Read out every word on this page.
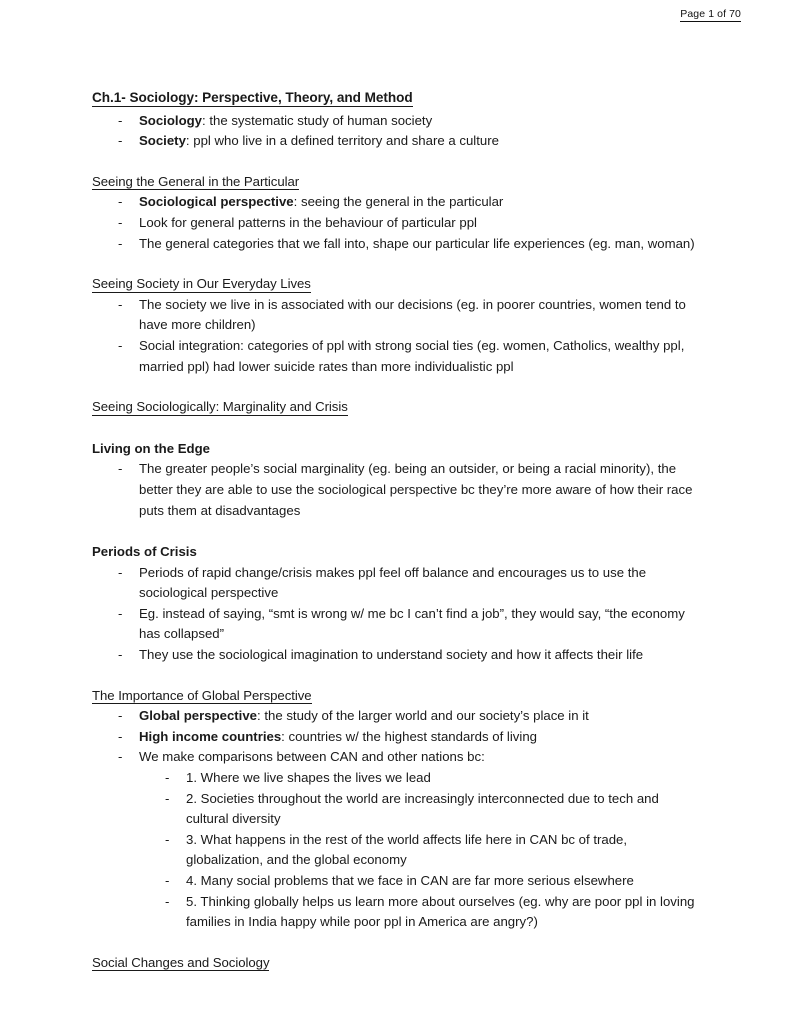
Page 1 of 70

Ch.1- Sociology: Perspective, Theory, and Method

-	Sociology: the systematic study of human society
-	Society: ppl who live in a defined territory and share a culture

Seeing the General in the Particular

-	Sociological perspective: seeing the general in the particular
-	Look for general patterns in the behaviour of particular ppl
-	The general categories that we fall into, shape our particular life experiences (eg. man, woman)

Seeing Society in Our Everyday Lives

-	The society we live in is associated with our decisions (eg. in poorer countries, women tend to have more children)
-	Social integration: categories of ppl with strong social ties (eg. women, Catholics, wealthy ppl, married ppl) had lower suicide rates than more individualistic ppl

Seeing Sociologically: Marginality and Crisis

Living on the Edge

-	The greater people’s social marginality (eg. being an outsider, or being a racial minority), the better they are able to use the sociological perspective bc they’re more aware of how their race puts them at disadvantages

Periods of Crisis

-	Periods of rapid change/crisis makes ppl feel off balance and encourages us to use the sociological perspective
-	Eg. instead of saying, “smt is wrong w/ me bc I can’t find a job”, they would say, “the economy has collapsed”
-	They use the sociological imagination to understand society and how it affects their life

The Importance of Global Perspective

-	Global perspective: the study of the larger world and our society’s place in it
-	High income countries: countries w/ the highest standards of living
-	We make comparisons between CAN and other nations bc:
-	1. Where we live shapes the lives we lead
-	2. Societies throughout the world are increasingly interconnected due to tech and cultural diversity
-	3. What happens in the rest of the world affects life here in CAN bc of trade, globalization, and the global economy
-	4. Many social problems that we face in CAN are far more serious elsewhere
-	5. Thinking globally helps us learn more about ourselves (eg. why are poor ppl in loving families in India happy while poor ppl in America are angry?)

Social Changes and Sociology
